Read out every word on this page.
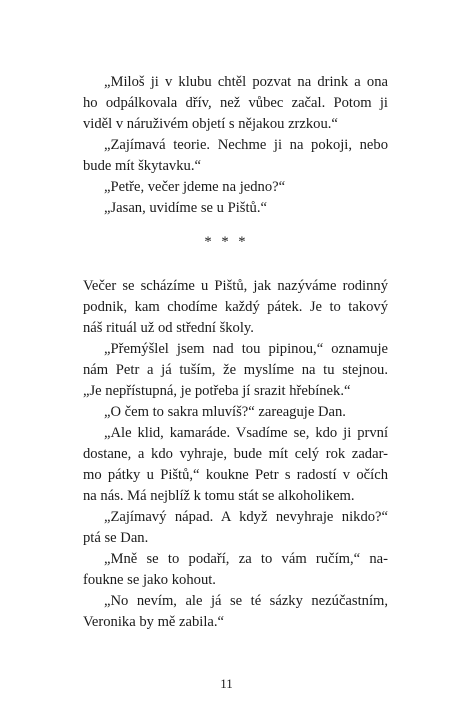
„Miloš ji v klubu chtěl pozvat na drink a ona
ho odpálkovala dřív, než vůbec začal. Potom ji
viděl v náruživém objetí s nějakou zrzkou.“
„Zajímavá teorie. Nechme ji na pokoji, nebo
bude mít škytavku.“
„Petře, večer jdeme na jedno?“
„Jasan, uvidíme se u Pištů.“
* * *
Večer se scházíme u Pištů, jak nazýváme rodinný
podnik, kam chodíme každý pátek. Je to takový
náš rituál už od střední školy.
„Přemýšlel jsem nad tou pipinou,“ oznamuje
nám Petr a já tuším, že myslíme na tu stejnou.
„Je nepřístupná, je potřeba jí srazit hřebínek.“
„O čem to sakra mluvíš?“ zareaguje Dan.
„Ale klid, kamaráde. Vsadíme se, kdo ji první
dostane, a kdo vyhraje, bude mít celý rok zadar-
mo pátky u Pištů,“ koukne Petr s radostí v očích
na nás. Má nejblíž k tomu stát se alkoholikem.
„Zajímavý nápad. A když nevyhraje nikdo?“
ptá se Dan.
„Mně se to podaří, za to vám ručím,“ na-
foukne se jako kohout.
„No nevím, ale já se té sázky nezúčastním,
Veronika by mě zabila.“
11
